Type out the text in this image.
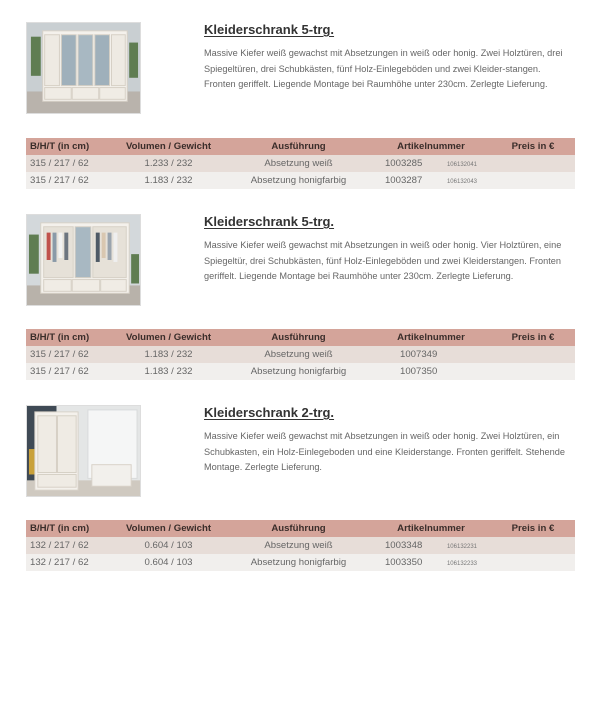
Kleiderschrank 5-trg.

Massive Kiefer weiß gewachst mit Absetzungen in weiß oder honig. Zwei Holztüren, drei Spiegeltüren, drei Schubkästen, fünf Holz-Einlegeböden und zwei Kleider-stangen. Fronten geriffelt. Liegende Montage bei Raumhöhe unter 230cm. Zerlegte Lieferung.

B/H/T (in cm)	Volumen / Gewicht	Ausführung	Artikelnummer	Preis in €
315 / 217 / 62	1.233 / 232	Absetzung weiß	1003285 106132041	
315 / 217 / 62	1.183 / 232	Absetzung honigfarbig	1003287 106132043	
Kleiderschrank 5-trg.

Massive Kiefer weiß gewachst mit Absetzungen in weiß oder honig. Vier Holztüren, eine Spiegeltür, drei Schubkästen, fünf Holz-Einlegeböden und zwei Kleiderstangen. Fronten geriffelt. Liegende Montage bei Raumhöhe unter 230cm. Zerlegte Lieferung.

B/H/T (in cm)	Volumen / Gewicht	Ausführung	Artikelnummer	Preis in €
315 / 217 / 62	1.183 / 232	Absetzung weiß	1007349	
315 / 217 / 62	1.183 / 232	Absetzung honigfarbig	1007350	
Kleiderschrank 2-trg.

Massive Kiefer weiß gewachst mit Absetzungen in weiß oder honig. Zwei Holztüren, ein Schubkasten, ein Holz-Einlegeboden und eine Kleiderstange. Fronten geriffelt. Stehende Montage. Zerlegte Lieferung.

B/H/T (in cm)	Volumen / Gewicht	Ausführung	Artikelnummer	Preis in €
132 / 217 / 62	0.604 / 103	Absetzung weiß	1003348 106132231	
132 / 217 / 62	0.604 / 103	Absetzung honigfarbig	1003350 106132233	
